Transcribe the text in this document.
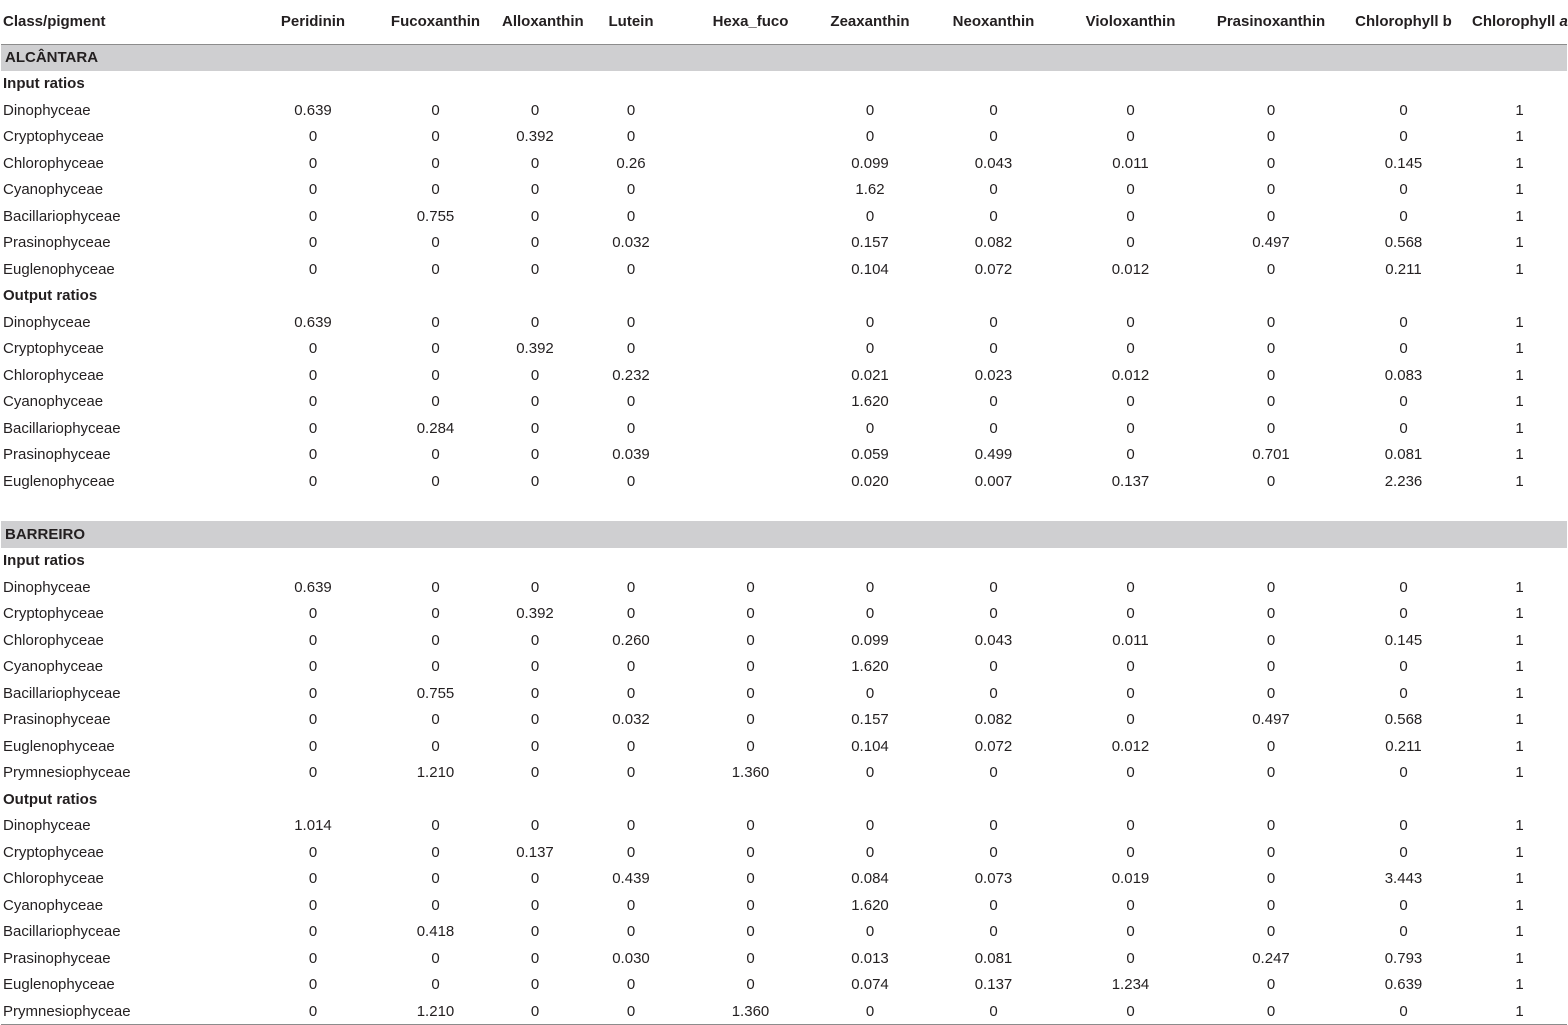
Class/pigment	Peridinin	Fucoxanthin	Alloxanthin	Lutein	Hexa_fuco	Zeaxanthin	Neoxanthin	Violoxanthin	Prasinoxanthin	Chlorophyll b	Chlorophyll a
ALCÂNTARA											
Input ratios											
Dinophyceae	0.639	0	0	0		0	0	0	0	0	1
Cryptophyceae	0	0	0.392	0		0	0	0	0	0	1
Chlorophyceae	0	0	0	0.26		0.099	0.043	0.011	0	0.145	1
Cyanophyceae	0	0	0	0		1.62	0	0	0	0	1
Bacillariophyceae	0	0.755	0	0		0	0	0	0	0	1
Prasinophyceae	0	0	0	0.032		0.157	0.082	0	0.497	0.568	1
Euglenophyceae	0	0	0	0		0.104	0.072	0.012	0	0.211	1
Output ratios											
Dinophyceae	0.639	0	0	0		0	0	0	0	0	1
Cryptophyceae	0	0	0.392	0		0	0	0	0	0	1
Chlorophyceae	0	0	0	0.232		0.021	0.023	0.012	0	0.083	1
Cyanophyceae	0	0	0	0		1.620	0	0	0	0	1
Bacillariophyceae	0	0.284	0	0		0	0	0	0	0	1
Prasinophyceae	0	0	0	0.039		0.059	0.499	0	0.701	0.081	1
Euglenophyceae	0	0	0	0		0.020	0.007	0.137	0	2.236	1

BARREIRO											
Input ratios											
Dinophyceae	0.639	0	0	0	0	0	0	0	0	0	1
Cryptophyceae	0	0	0.392	0	0	0	0	0	0	0	1
Chlorophyceae	0	0	0	0.260	0	0.099	0.043	0.011	0	0.145	1
Cyanophyceae	0	0	0	0	0	1.620	0	0	0	0	1
Bacillariophyceae	0	0.755	0	0	0	0	0	0	0	0	1
Prasinophyceae	0	0	0	0.032	0	0.157	0.082	0	0.497	0.568	1
Euglenophyceae	0	0	0	0	0	0.104	0.072	0.012	0	0.211	1
Prymnesiophyceae	0	1.210	0	0	1.360	0	0	0	0	0	1
Output ratios											
Dinophyceae	1.014	0	0	0	0	0	0	0	0	0	1
Cryptophyceae	0	0	0.137	0	0	0	0	0	0	0	1
Chlorophyceae	0	0	0	0.439	0	0.084	0.073	0.019	0	3.443	1
Cyanophyceae	0	0	0	0	0	1.620	0	0	0	0	1
Bacillariophyceae	0	0.418	0	0	0	0	0	0	0	0	1
Prasinophyceae	0	0	0	0.030	0	0.013	0.081	0	0.247	0.793	1
Euglenophyceae	0	0	0	0	0	0.074	0.137	1.234	0	0.639	1
Prymnesiophyceae	0	1.210	0	0	1.360	0	0	0	0	0	1
